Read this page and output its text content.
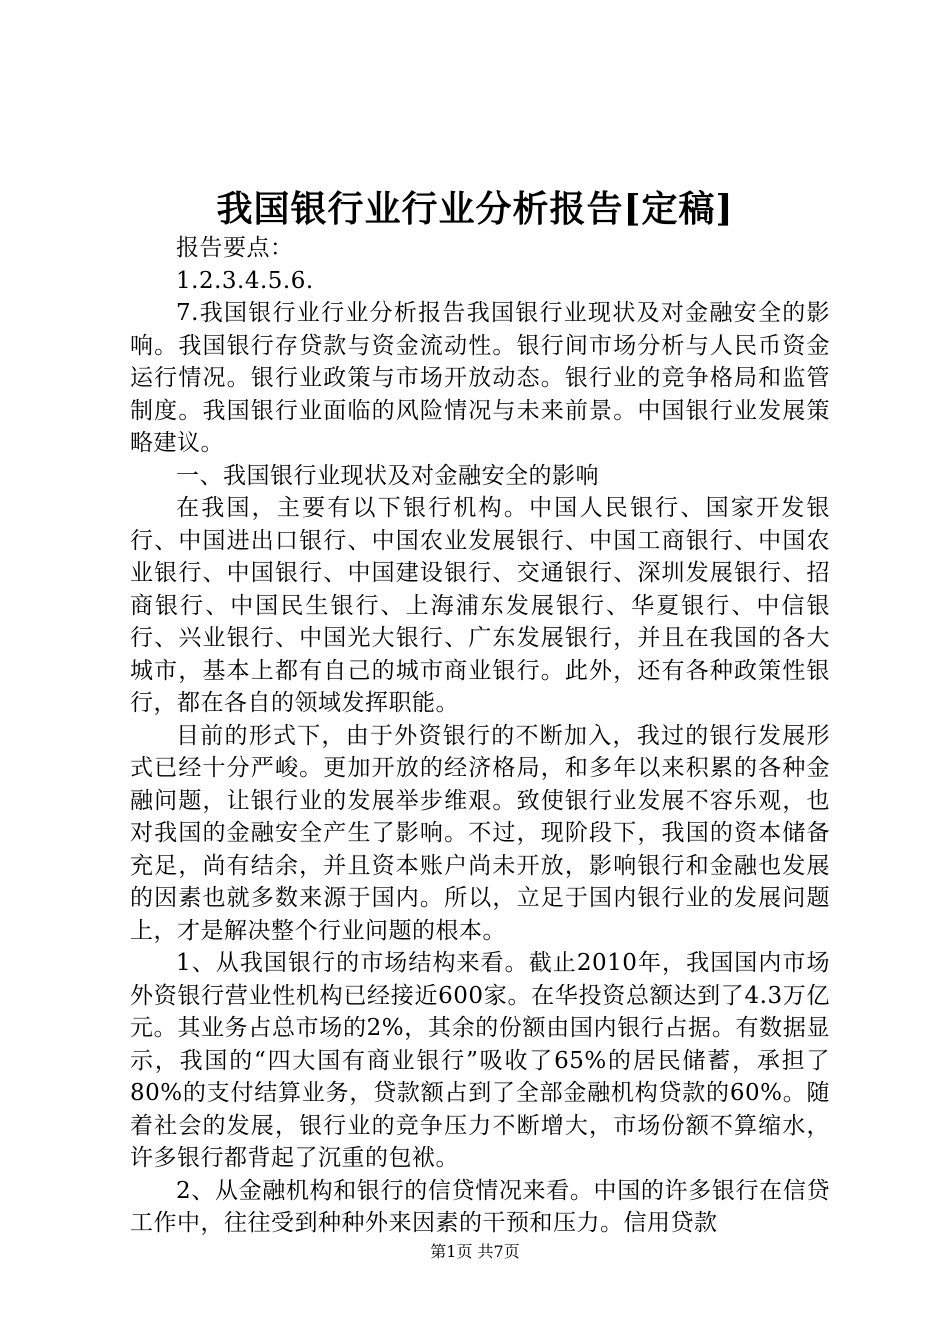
我国银行业行业分析报告[定稿]

报告要点：

1.2.3.4.5.6.

7.我国银行业行业分析报告我国银行业现状及对金融安全的影响。我国银行存贷款与资金流动性。银行间市场分析与人民币资金运行情况。银行业政策与市场开放动态。银行业的竞争格局和监管制度。我国银行业面临的风险情况与未来前景。中国银行业发展策略建议。

一、我国银行业现状及对金融安全的影响

在我国，主要有以下银行机构。中国人民银行、国家开发银行、中国进出口银行、中国农业发展银行、中国工商银行、中国农业银行、中国银行、中国建设银行、交通银行、深圳发展银行、招商银行、中国民生银行、上海浦东发展银行、华夏银行、中信银行、兴业银行、中国光大银行、广东发展银行，并且在我国的各大城市，基本上都有自己的城市商业银行。此外，还有各种政策性银行，都在各自的领域发挥职能。

目前的形式下，由于外资银行的不断加入，我过的银行发展形式已经十分严峻。更加开放的经济格局，和多年以来积累的各种金融问题，让银行业的发展举步维艰。致使银行业发展不容乐观，也对我国的金融安全产生了影响。不过，现阶段下，我国的资本储备充足，尚有结余，并且资本账户尚未开放，影响银行和金融也发展的因素也就多数来源于国内。所以，立足于国内银行业的发展问题上，才是解决整个行业问题的根本。

1、从我国银行的市场结构来看。截止2010年，我国国内市场外资银行营业性机构已经接近600家。在华投资总额达到了4.3万亿元。其业务占总市场的2%，其余的份额由国内银行占据。有数据显示，我国的“四大国有商业银行”吸收了65%的居民储蓄，承担了80%的支付结算业务，贷款额占到了全部金融机构贷款的60%。随着社会的发展，银行业的竞争压力不断增大，市场份额不算缩水，许多银行都背起了沉重的包袱。

2、从金融机构和银行的信贷情况来看。中国的许多银行在信贷工作中，往往受到种种外来因素的干预和压力。信用贷款

第1页 共7页
